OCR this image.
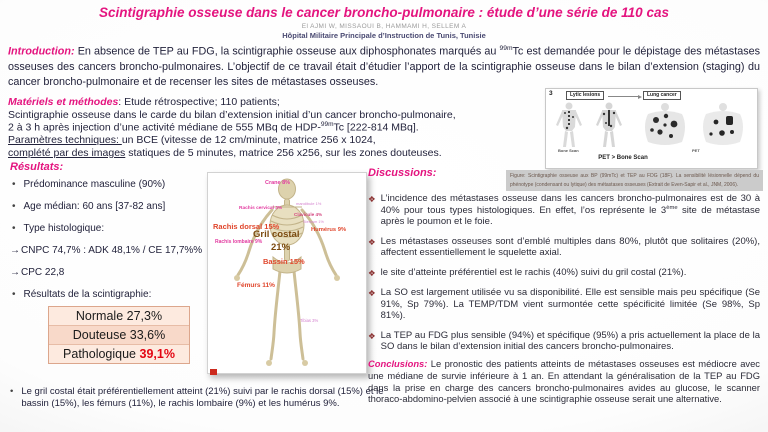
Scintigraphie osseuse dans le cancer broncho-pulmonaire : étude d’une série de 110 cas
El AJMI W, MISSAOUI B, HAMMAMI H, SELLEM A
Hôpital Militaire Principale d’Instruction de Tunis, Tunisie

Introduction: En absence de TEP au FDG, la scintigraphie osseuse aux diphosphonates marqués au $^{99m}$Tc est demandée pour le dépistage des métastases osseuses des cancers broncho-pulmonaires. L’objectif de ce travail était d’étudier l’apport de la scintigraphie osseuse dans le bilan d’extension (staging) du cancer broncho-pulmonaire et de recenser les sites de métastases osseuses.

Matériels et méthodes: Etude rétrospective; 110 patients;
Scintigraphie osseuse dans le carde du bilan d’extension initial d’un cancer broncho-pulmonaire,
2 à 3 h après injection d’une activité médiane de 555 MBq de HDP-$^{99m}$Tc [222-814 MBq].
Paramètres techniques: un BCE (vitesse de 12 cm/minute, matrice 256 x 1024,
complété par des images statiques de 5 minutes, matrice 256 x256, sur les zones douteuses.
Résultats:
• Prédominance masculine (90%)
• Age médian: 60 ans [37-82 ans]
• Type histologique:
→ CNPC 74,7% : ADK 48,1% / CE 17,7%%
→ CPC 22,8
• Résultats de la scintigraphie:
Normale 27,3%
Douteuse 33,6%
Pathologique 39,1%
• Le gril costal était préférentiellement atteint (21%) suivi par le rachis dorsal (15%) et le bassin (15%), les fémurs (11%), le rachis lombaire (9%) et les humérus 9%.
Crane 8%
Rachis cervical 3%
mandibule 1%
Clavicule 4%
Sternum 1%
Rachis dorsal 15%	Humérus 9%
Gril costal
21%
Rachis lombaire 9%
Bassin 15%
Fémurs 11%
Tibias 3%
3	Lytic lesions	Lung cancer
Bone Scan	PET
PET > Bone Scan
Figure: Scintigraphie osseuse aux BP (99mTc) et TEP au FDG (18F). La sensibilité lésionnelle dépend du phénotype (condensant ou lytique) des métastases osseuses (Extrait de Even-Sapir et al., JNM, 2006).
Discussions:
❖ L’incidence des métastases osseuse dans les cancers broncho-pulmonaires est de 30 à 40% pour tous types histologiques. En effet, l’os représente le 3ème site de métastase après le poumon et le foie.

❖ Les métastases osseuses sont d’emblé multiples dans 80%, plutôt que solitaires (20%), affectent essentiellement le squelette axial.

❖ le site d’atteinte préférentiel est le rachis (40%) suivi du gril costal (21%).

❖ La SO est largement utilisée vu sa disponibilité. Elle est sensible mais peu spécifique (Se 91%, Sp 79%). La TEMP/TDM vient surmontée cette spécificité limitée (Se 98%, Sp 81%).

❖ La TEP au FDG plus sensible (94%) et spécifique (95%) a pris actuellement la place de la SO dans le bilan d’extension initial des cancers broncho-pulmonaires.

Conclusions: Le pronostic des patients atteints de métastases osseuses est médiocre avec une médiane de survie inférieure à 1 an. En attendant la généralisation de la TEP au FDG dans la prise en charge des cancers broncho-pulmonaires avides au glucose, le scanner thoraco-abdomino-pelvien associé à une scintigraphie osseuse serait une alternative.
